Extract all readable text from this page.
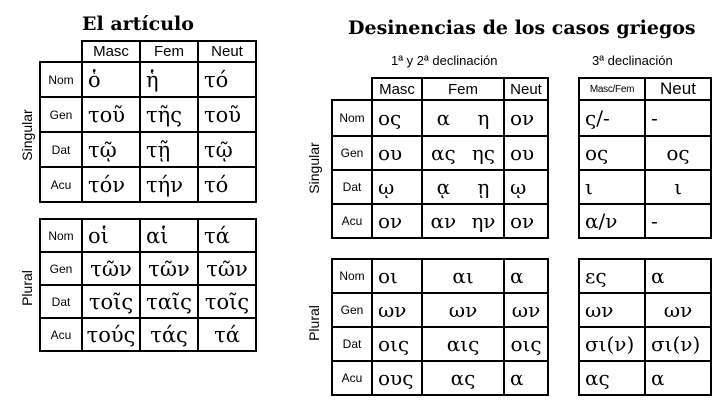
El artículo
Singular
Plural
	Masc	Fem	Neut
Nom	ὁ	ἡ	τό
Gen	τοῦ	τῆς	τοῦ
Dat	τῷ	τῇ	τῷ
Acu	τόν	τήν	τό
Nom	οἱ	αἱ	τά
Gen	τῶν	τῶν	τῶν
Dat	τοῖς	ταῖς	τοῖς
Acu	τούς	τάς	τά
Desinencias de los casos griegos
1ª y 2ª declinación	3ª declinación
Singular
Plural
	Masc	Fem	Neut
Nom	ος	α η	ον
Gen	ου	ας ης	ου
Dat	ῳ	ᾳ ῃ	ῳ
Acu	ον	αν ην	ον
Masc/Fem	Neut
ς/-	-
ος	ος
ι	ι
α/ν	-
Nom	οι	αι	α
Gen	ων	ων	ων
Dat	οις	αις	οις
Acu	ους	ας	α
ες	α
ων	ων
σι(ν)	σι(ν)
ας	α
